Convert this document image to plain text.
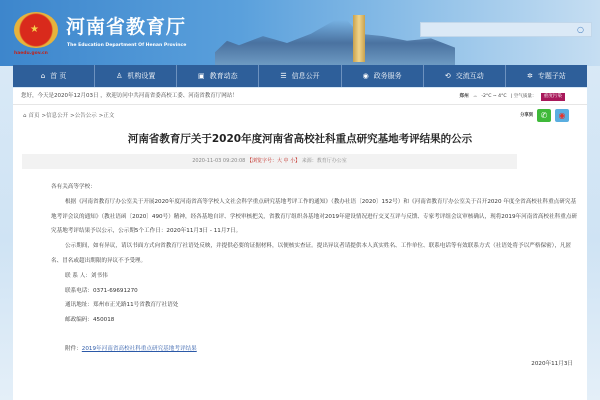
★
haedu.gov.cn
河南省教育厅
The Education Department Of Henan Province
○
⌂ 首 页	♙ 机构设置	▣ 教育动态	☰ 信息公开	◉ 政务服务	⟲ 交流互动	✲ 专题子站
您好，今天是2020年12月03日 ，欢迎访问中共河南省委高校工委、河南省教育厅网站！	郑州 ☁ -2°C ~ 4°C | 空气质量：	重度污染
⌂ 首页 >信息公开 >公告公示 >正文	分享到 ✆	◉
河南省教育厅关于2020年度河南省高校社科重点研究基地考评结果的公示
2020-11-03 09:20:08 【浏览字号：大 中 小】 来源：教育厅办公室

各有关高等学校：

根据《河南省教育厅办公室关于开展2020年度河南省高等学校人文社会科学重点研究基地考评工作的通知》（教办社语〔2020〕152号）和《河南省教育厅办公室关于召开2020 年度全省高校社科重点研究基地考评会议的通知》（教社语函〔2020〕490号）精神，经各基地自评、学校审核把关，省教育厅组织各基地对2019年建设情况进行交叉互评与反馈、专家考评组会议审核确认，现将2019年河南省高校社科重点研究基地考评结果予以公示，公示期5个工作日：2020年11月3日 - 11月7日。

公示期间，如有异议，请以书面方式向省教育厅社语处反映，并提供必要的证据材料，以便核实查证。提出异议者请提供本人真实姓名、工作单位、联系电话等有效联系方式（社语处将予以严格保密），凡匿名、冒名或超出期限的异议不予受理。

联 系 人：刘书伟

联系电话：0371-69691270

通讯地址：郑州市正光路11号省教育厅社语处

邮政编码：450018

附件：2019年河南省高校社科重点研究基地考评结果

2020年11月3日
